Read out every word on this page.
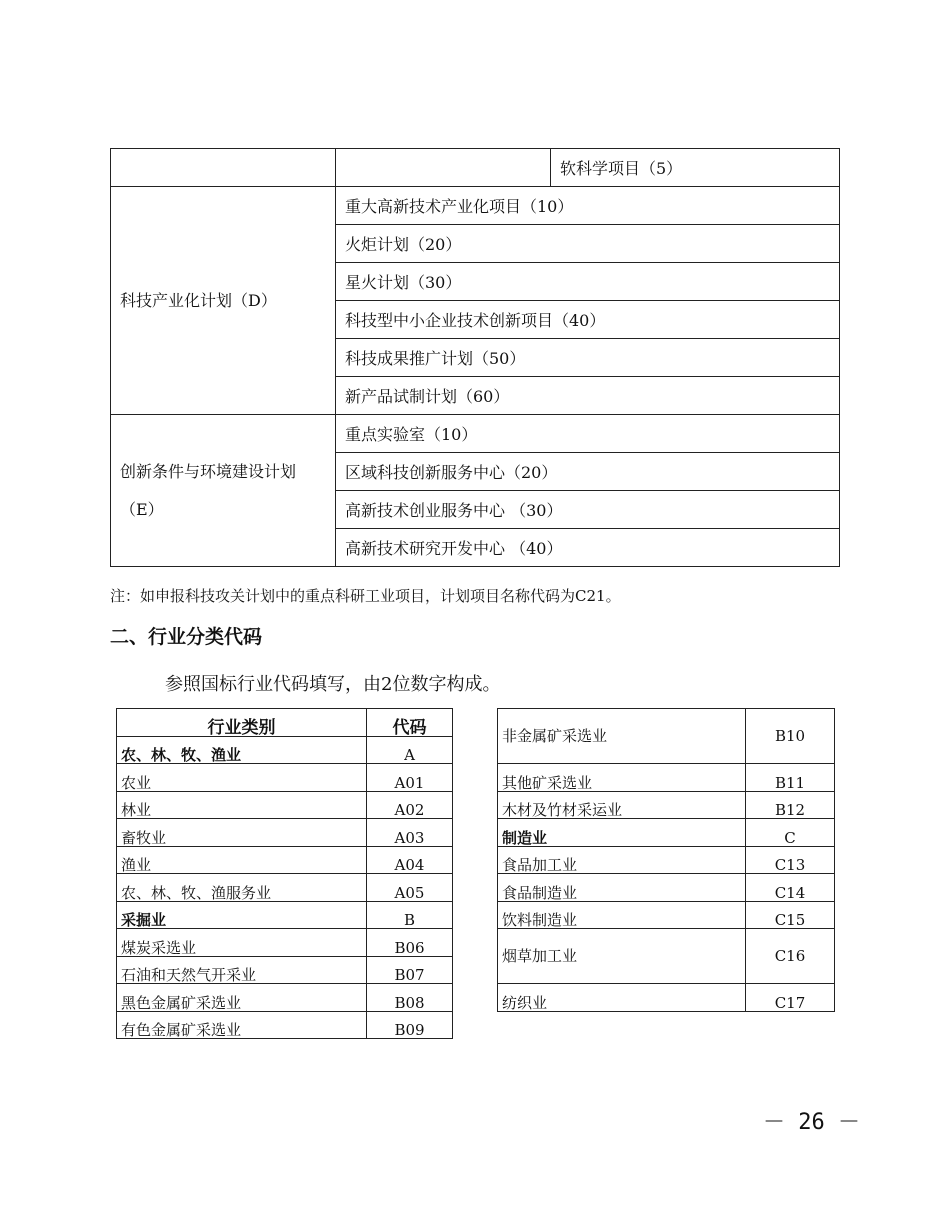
		软科学项目（5）
科技产业化计划（D）	重大高新技术产业化项目（10）	
	火炬计划（20）	
	星火计划（30）	
	科技型中小企业技术创新项目（40）	
	科技成果推广计划（50）	
	新产品试制计划（60）	
创新条件与环境建设计划（E）	重点实验室（10）	
	区域科技创新服务中心（20）	
	高新技术创业服务中心 （30）	
	高新技术研究开发中心 （40）	
注：如申报科技攻关计划中的重点科研工业项目，计划项目名称代码为C21。
二、行业分类代码
参照国标行业代码填写，由2位数字构成。
行业类别	代码
农、林、牧、渔业	A
农业	A01
林业	A02
畜牧业	A03
渔业	A04
农、林、牧、渔服务业	A05
采掘业	B
煤炭采选业	B06
石油和天然气开采业	B07
黑色金属矿采选业	B08
有色金属矿采选业	B09
非金属矿采选业	B10
其他矿采选业	B11
木材及竹材采运业	B12
制造业	C
食品加工业	C13
食品制造业	C14
饮料制造业	C15
烟草加工业	C16
纺织业	C17
－ 26 －
